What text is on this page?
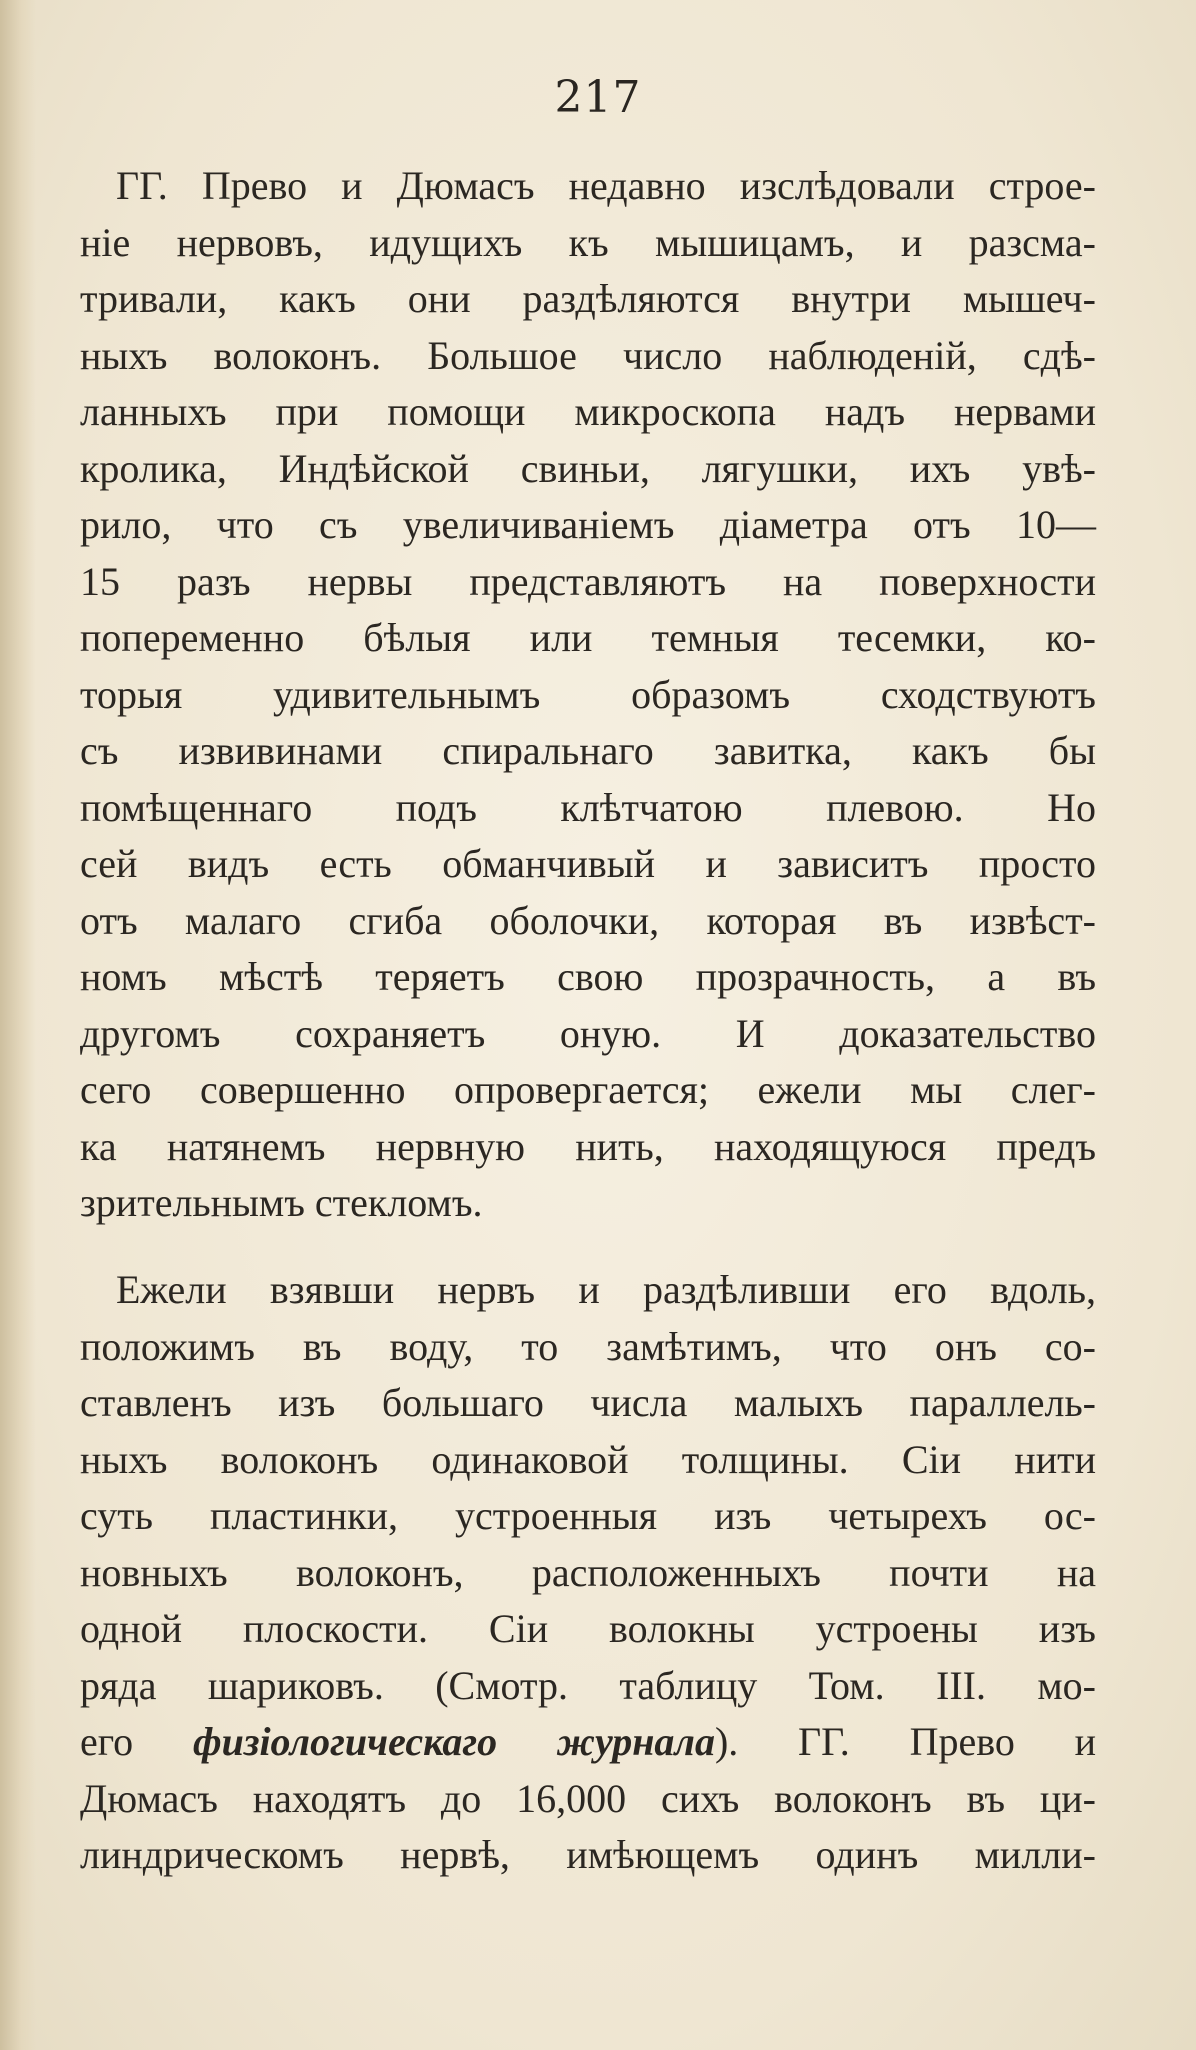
217
ГГ. Прево и Дюмасъ недавно изслѣдовали строе-
ніе нервовъ, идущихъ къ мышицамъ, и разсма-
тривали, какъ они раздѣляются внутри мышеч-
ныхъ волоконъ. Большое число наблюденій, сдѣ-
ланныхъ при помощи микроскопа надъ нервами
кролика, Индѣйской свиньи, лягушки, ихъ увѣ-
рило, что съ увеличиваніемъ діаметра отъ 10—
15 разъ нервы представляютъ на поверхности
попеременно бѣлыя или темныя тесемки, ко-
торыя удивительнымъ образомъ сходствуютъ
съ извивинами спиральнаго завитка, какъ бы
помѣщеннаго подъ клѣтчатою плевою. Но
сей видъ есть обманчивый и зависитъ просто
отъ малаго сгиба оболочки, которая въ извѣст-
номъ мѣстѣ теряетъ свою прозрачность, а въ
другомъ сохраняетъ оную. И доказательство
сего совершенно опровергается; ежели мы слег-
ка натянемъ нервную нить, находящуюся предъ
зрительнымъ стекломъ.
Ежели взявши нервъ и раздѣливши его вдоль,
положимъ въ воду, то замѣтимъ, что онъ со-
ставленъ изъ большаго числа малыхъ параллель-
ныхъ волоконъ одинаковой толщины. Сіи нити
суть пластинки, устроенныя изъ четырехъ ос-
новныхъ волоконъ, расположенныхъ почти на
одной плоскости. Сіи волокны устроены изъ
ряда шариковъ. (Смотр. таблицу Том. III. мо-
его физіологическаго журнала). ГГ. Прево и
Дюмасъ находятъ до 16,000 сихъ волоконъ въ ци-
линдрическомъ нервѣ, имѣющемъ одинъ милли-
